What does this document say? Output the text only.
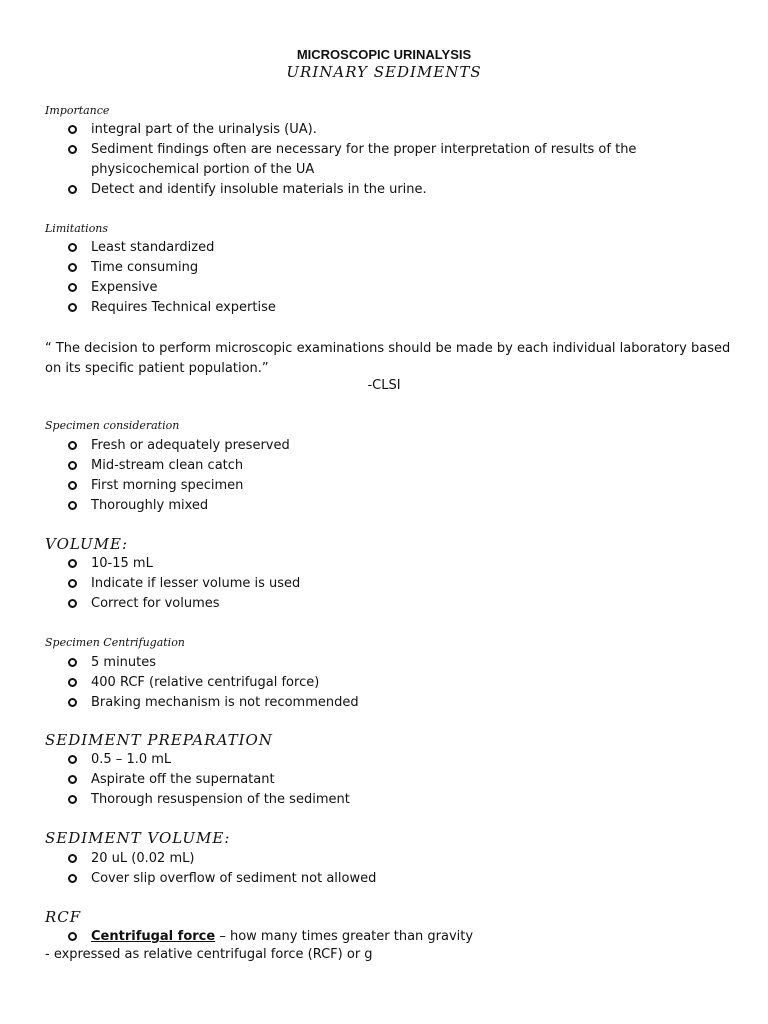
MICROSCOPIC URINALYSIS
URINARY SEDIMENTS
Importance
integral part of the urinalysis (UA).
Sediment findings often are necessary for the proper interpretation of results of the physicochemical portion of the UA
Detect and identify insoluble materials in the urine.
Limitations
Least standardized
Time consuming
Expensive
Requires Technical expertise
“ The decision to perform microscopic examinations should be made by each individual laboratory based on its specific patient population.”
-CLSI
Specimen consideration
Fresh or adequately preserved
Mid-stream clean catch
First morning specimen
Thoroughly mixed
VOLUME:
10-15 mL
Indicate if lesser volume is used
Correct for volumes
Specimen Centrifugation
5 minutes
400 RCF (relative centrifugal force)
Braking mechanism is not recommended
SEDIMENT PREPARATION
0.5 – 1.0 mL
Aspirate off the supernatant
Thorough resuspension of the sediment
SEDIMENT VOLUME:
20 uL (0.02 mL)
Cover slip overflow of sediment not allowed
RCF
Centrifugal force – how many times greater than gravity
- expressed as relative centrifugal force (RCF) or g
